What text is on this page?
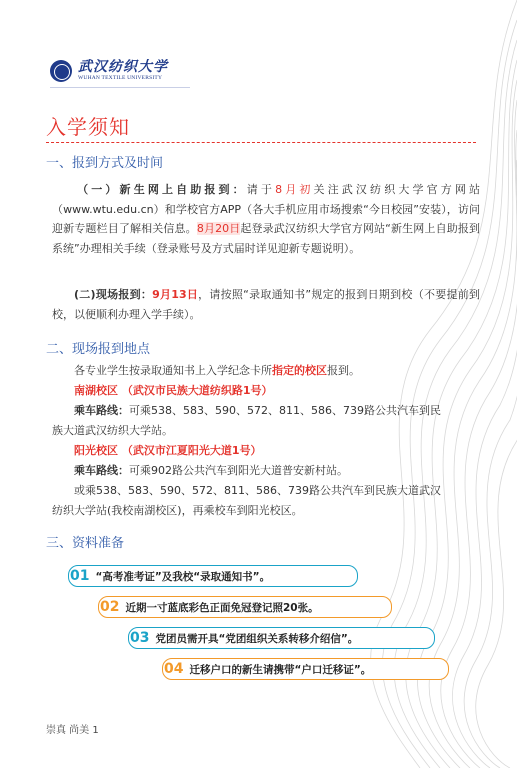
武汉纺织大学
WUHAN TEXTILE UNIVERSITY
入学须知
一、报到方式及时间
（一）新生网上自助报到：请于8月初关注武汉纺织大学官方网站（www.wtu.edu.cn）和学校官方APP（各大手机应用市场搜索“今日校园”安装），访问迎新专题栏目了解相关信息。8月20日起登录武汉纺织大学官方网站“新生网上自助报到系统”办理相关手续（登录账号及方式届时详见迎新专题说明）。
(二)现场报到：9月13日，请按照“录取通知书”规定的报到日期到校（不要提前到校，以便顺利办理入学手续）。
二、现场报到地点
各专业学生按录取通知书上入学纪念卡所指定的校区报到。
南湖校区 （武汉市民族大道纺织路1号）
乘车路线：可乘538、583、590、572、811、586、739路公共汽车到民
族大道武汉纺织大学站。
阳光校区 （武汉市江夏阳光大道1号）
乘车路线：可乘902路公共汽车到阳光大道普安新村站。
或乘538、583、590、572、811、586、739路公共汽车到民族大道武汉
纺织大学站(我校南湖校区)，再乘校车到阳光校区。
三、资料准备
01 “高考准考证”及我校“录取通知书”。
02 近期一寸蓝底彩色正面免冠登记照20张。
03 党团员需开具“党团组织关系转移介绍信”。
04 迁移户口的新生请携带“户口迁移证”。
崇真 尚美 1
